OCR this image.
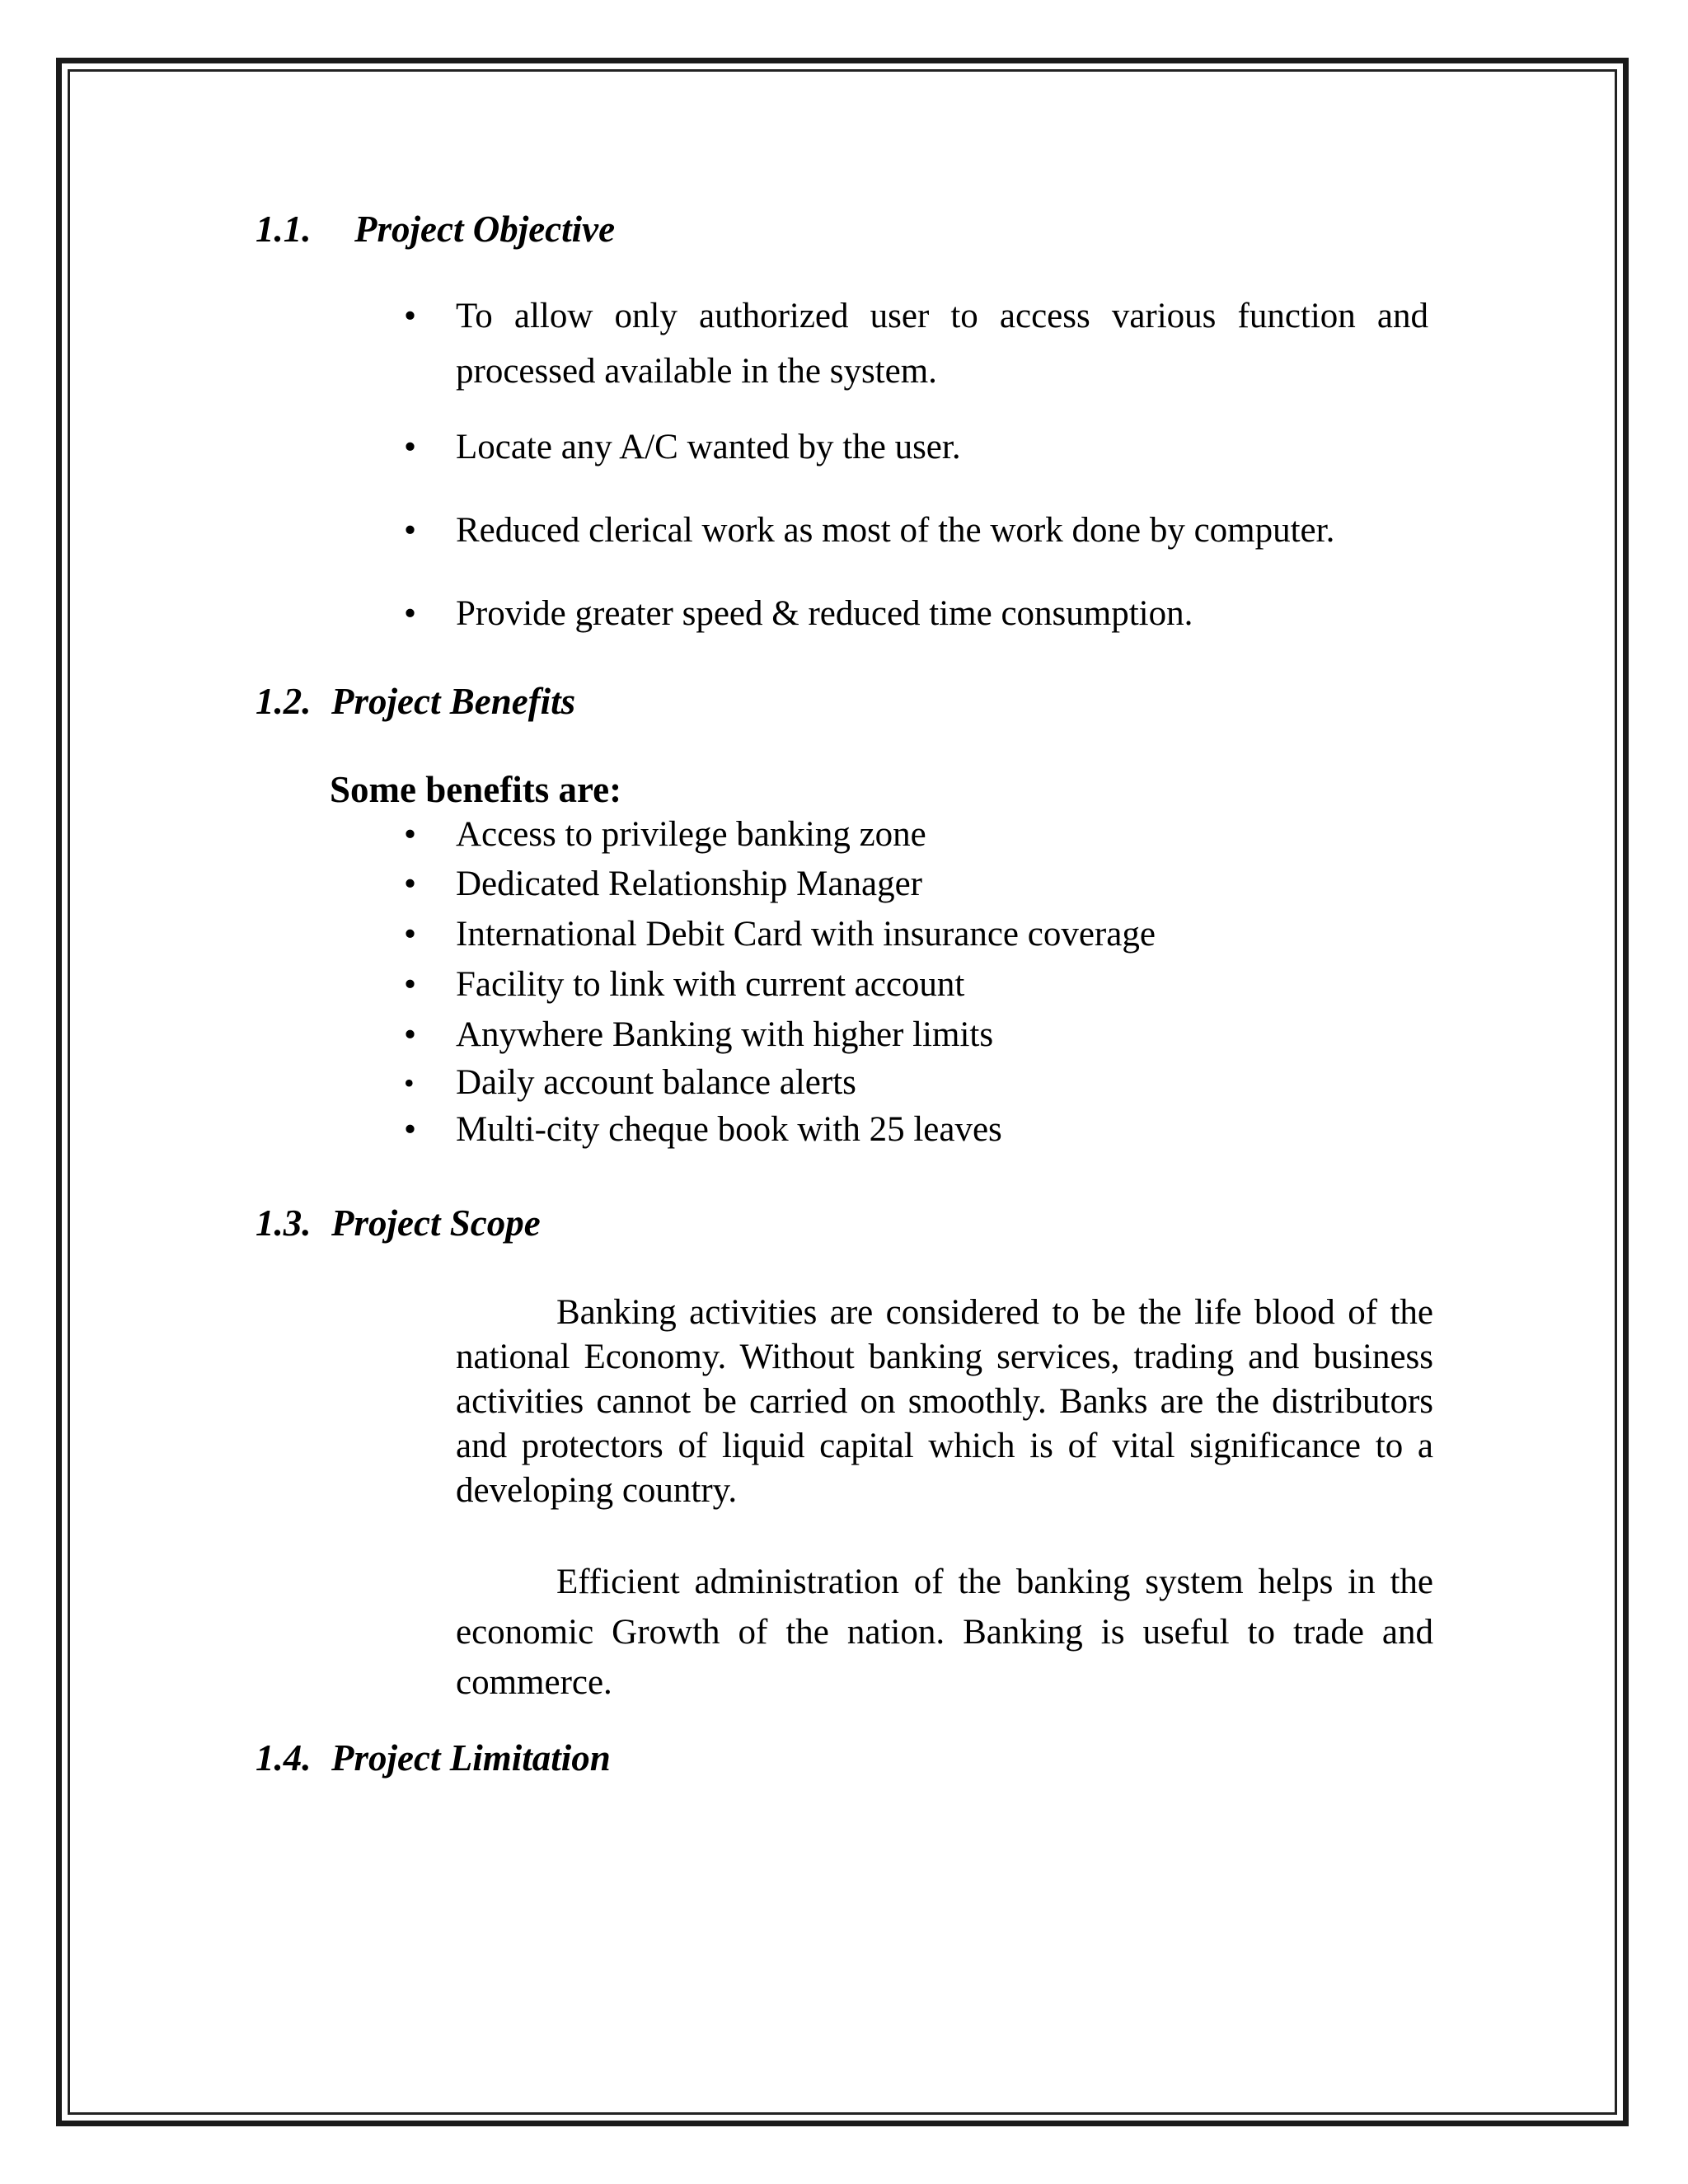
1.1. Project Objective
• To allow only authorized user to access various function and processed available in the system.
• Locate any A/C wanted by the user.
• Reduced clerical work as most of the work done by computer.
• Provide greater speed & reduced time consumption.
1.2. Project Benefits
Some benefits are:
• Access to privilege banking zone
• Dedicated Relationship Manager
• International Debit Card with insurance coverage
• Facility to link with current account
• Anywhere Banking with higher limits
• Daily account balance alerts
• Multi-city cheque book with 25 leaves
1.3. Project Scope
Banking activities are considered to be the life blood of the national Economy. Without banking services, trading and business activities cannot be carried on smoothly. Banks are the distributors and protectors of liquid capital which is of vital significance to a developing country.
Efficient administration of the banking system helps in the economic Growth of the nation. Banking is useful to trade and commerce.
1.4. Project Limitation
